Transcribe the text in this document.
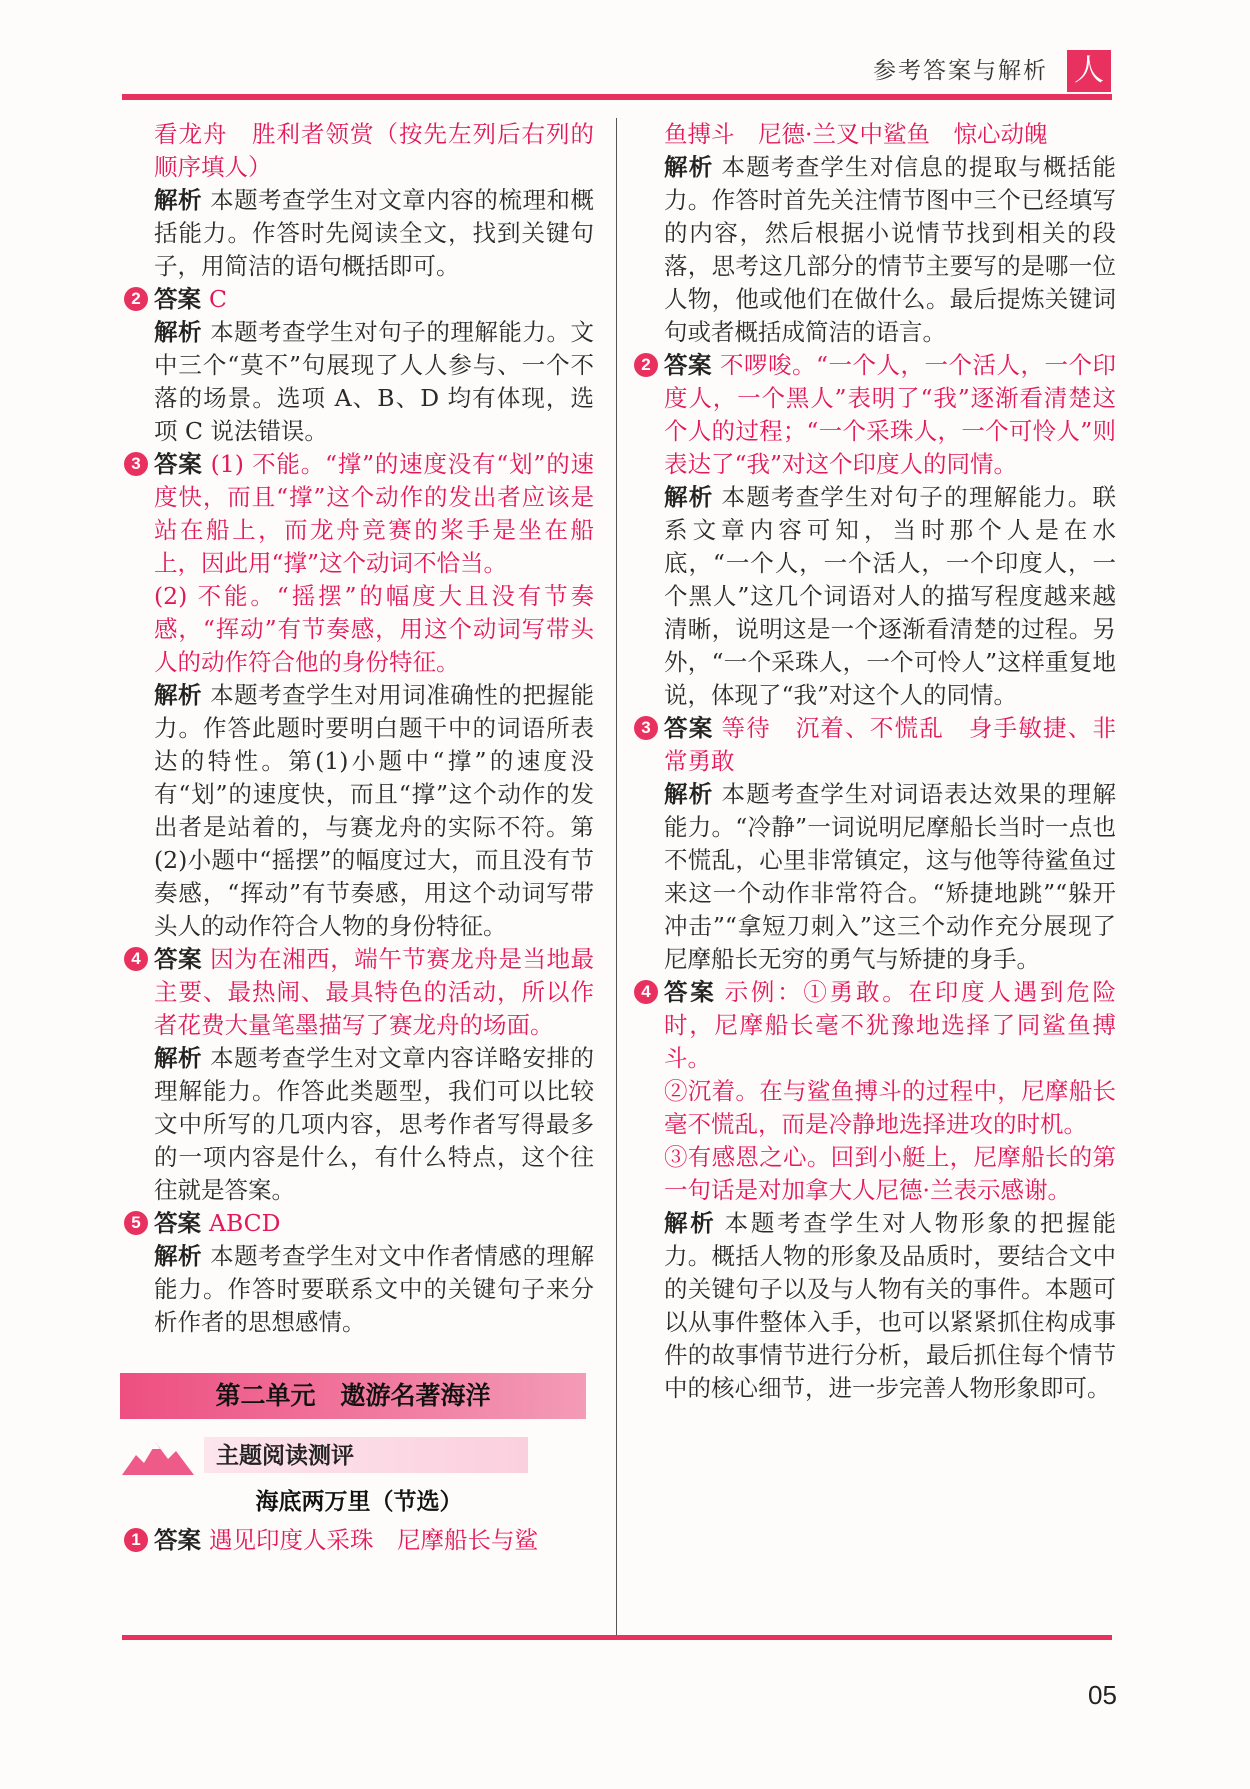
参考答案与解析 人

看龙舟　胜利者领赏（按先左列后右列的顺序填人）

解析 本题考查学生对文章内容的梳理和概括能力。作答时先阅读全文，找到关键句子，用简洁的语句概括即可。

2 答案 C

解析 本题考查学生对句子的理解能力。文中三个“莫不”句展现了人人参与、一个不落的场景。选项 A、B、D 均有体现，选项 C 说法错误。

3 答案 (1) 不能。“撑”的速度没有“划”的速度快，而且“撑”这个动作的发出者应该是站在船上，而龙舟竞赛的桨手是坐在船上，因此用“撑”这个动词不恰当。

(2) 不能。“摇摆”的幅度大且没有节奏感，“挥动”有节奏感，用这个动词写带头人的动作符合他的身份特征。

解析 本题考查学生对用词准确性的把握能力。作答此题时要明白题干中的词语所表达的特性。第(1)小题中“撑”的速度没有“划”的速度快，而且“撑”这个动作的发出者是站着的，与赛龙舟的实际不符。第(2)小题中“摇摆”的幅度过大，而且没有节奏感，“挥动”有节奏感，用这个动词写带头人的动作符合人物的身份特征。

4 答案 因为在湘西，端午节赛龙舟是当地最主要、最热闹、最具特色的活动，所以作者花费大量笔墨描写了赛龙舟的场面。

解析 本题考查学生对文章内容详略安排的理解能力。作答此类题型，我们可以比较文中所写的几项内容，思考作者写得最多的一项内容是什么，有什么特点，这个往往就是答案。

5 答案 ABCD

解析 本题考查学生对文中作者情感的理解能力。作答时要联系文中的关键句子来分析作者的思想感情。

第二单元　遨游名著海洋
主题阅读测评
海底两万里（节选）
1 答案 遇见印度人采珠　尼摩船长与鲨

鱼搏斗　尼德·兰叉中鲨鱼　惊心动魄

解析 本题考查学生对信息的提取与概括能力。作答时首先关注情节图中三个已经填写的内容，然后根据小说情节找到相关的段落，思考这几部分的情节主要写的是哪一位人物，他或他们在做什么。最后提炼关键词句或者概括成简洁的语言。

2 答案 不啰唆。“一个人，一个活人，一个印度人，一个黑人”表明了“我”逐渐看清楚这个人的过程；“一个采珠人，一个可怜人”则表达了“我”对这个印度人的同情。

解析 本题考查学生对句子的理解能力。联系文章内容可知，当时那个人是在水底，“一个人，一个活人，一个印度人，一个黑人”这几个词语对人的描写程度越来越清晰，说明这是一个逐渐看清楚的过程。另外，“一个采珠人，一个可怜人”这样重复地说，体现了“我”对这个人的同情。

3 答案 等待　沉着、不慌乱　身手敏捷、非常勇敢

解析 本题考查学生对词语表达效果的理解能力。“冷静”一词说明尼摩船长当时一点也不慌乱，心里非常镇定，这与他等待鲨鱼过来这一个动作非常符合。“矫捷地跳”“躲开冲击”“拿短刀刺入”这三个动作充分展现了尼摩船长无穷的勇气与矫捷的身手。

4 答案 示例：①勇敢。在印度人遇到危险时，尼摩船长毫不犹豫地选择了同鲨鱼搏斗。

②沉着。在与鲨鱼搏斗的过程中，尼摩船长毫不慌乱，而是冷静地选择进攻的时机。

③有感恩之心。回到小艇上，尼摩船长的第一句话是对加拿大人尼德·兰表示感谢。

解析 本题考查学生对人物形象的把握能力。概括人物的形象及品质时，要结合文中的关键句子以及与人物有关的事件。本题可以从事件整体入手，也可以紧紧抓住构成事件的故事情节进行分析，最后抓住每个情节中的核心细节，进一步完善人物形象即可。

05
